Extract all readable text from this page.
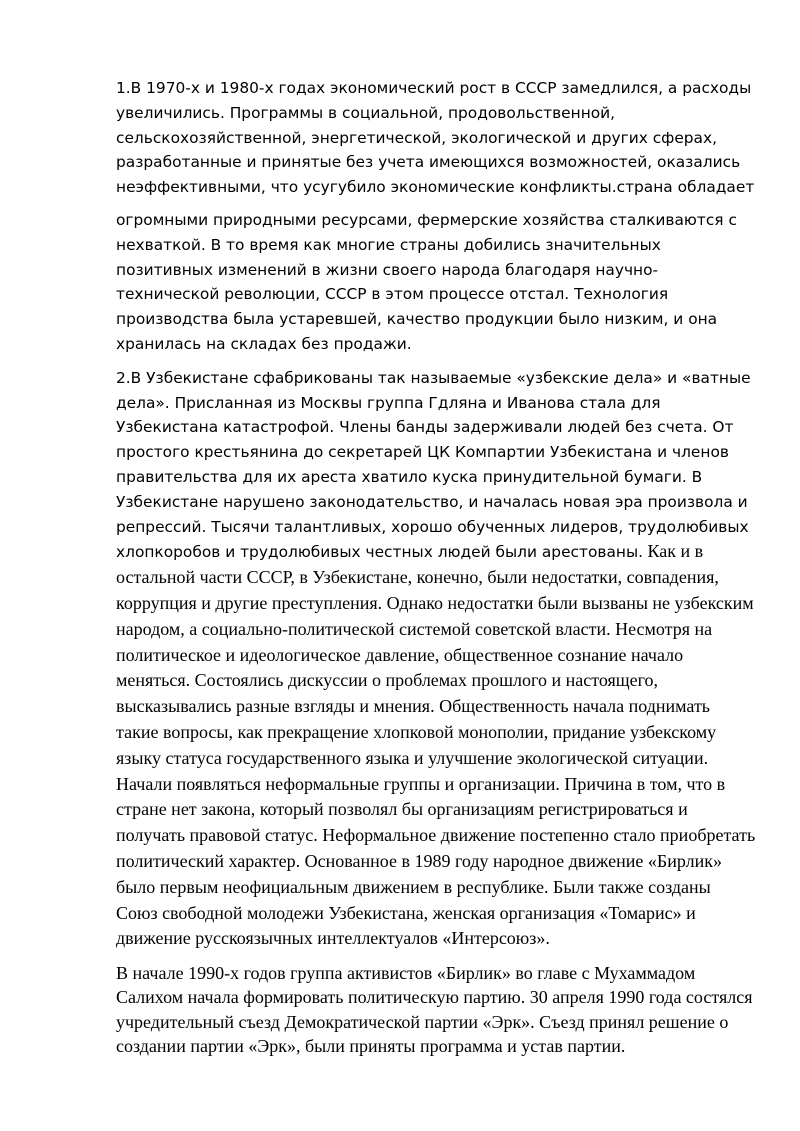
1.В 1970-х и 1980-х годах экономический рост в СССР замедлился, а расходы увеличились. Программы в социальной, продовольственной, сельскохозяйственной, энергетической, экологической и других сферах, разработанные и принятые без учета имеющихся возможностей, оказались неэффективными, что усугубило экономические конфликты.страна обладает

огромными природными ресурсами, фермерские хозяйства сталкиваются с нехваткой. В то время как многие страны добились значительных позитивных изменений в жизни своего народа благодаря научно-технической революции, СССР в этом процессе отстал. Технология производства была устаревшей, качество продукции было низким, и она хранилась на складах без продажи.

2.В Узбекистане сфабрикованы так называемые «узбекские дела» и «ватные дела». Присланная из Москвы группа Гдляна и Иванова стала для Узбекистана катастрофой. Члены банды задерживали людей без счета. От простого крестьянина до секретарей ЦК Компартии Узбекистана и членов правительства для их ареста хватило куска принудительной бумаги. В Узбекистане нарушено законодательство, и началась новая эра произвола и репрессий. Тысячи талантливых, хорошо обученных лидеров, трудолюбивых хлопкоробов и трудолюбивых честных людей были арестованы. Как и в остальной части СССР, в Узбекистане, конечно, были недостатки, совпадения, коррупция и другие преступления. Однако недостатки были вызваны не узбекским народом, а социально-политической системой советской власти. Несмотря на политическое и идеологическое давление, общественное сознание начало меняться. Состоялись дискуссии о проблемах прошлого и настоящего, высказывались разные взгляды и мнения. Общественность начала поднимать такие вопросы, как прекращение хлопковой монополии, придание узбекскому языку статуса государственного языка и улучшение экологической ситуации. Начали появляться неформальные группы и организации. Причина в том, что в стране нет закона, который позволял бы организациям регистрироваться и получать правовой статус. Неформальное движение постепенно стало приобретать политический характер. Основанное в 1989 году народное движение «Бирлик» было первым неофициальным движением в республике. Были также созданы Союз свободной молодежи Узбекистана, женская организация «Томарис» и движение русскоязычных интеллектуалов «Интерсоюз».

В начале 1990-х годов группа активистов «Бирлик» во главе с Мухаммадом Салихом начала формировать политическую партию. 30 апреля 1990 года состялся учредительный съезд Демократической партии «Эрк». Съезд принял решение о создании партии «Эрк», были приняты программа и устав партии.
